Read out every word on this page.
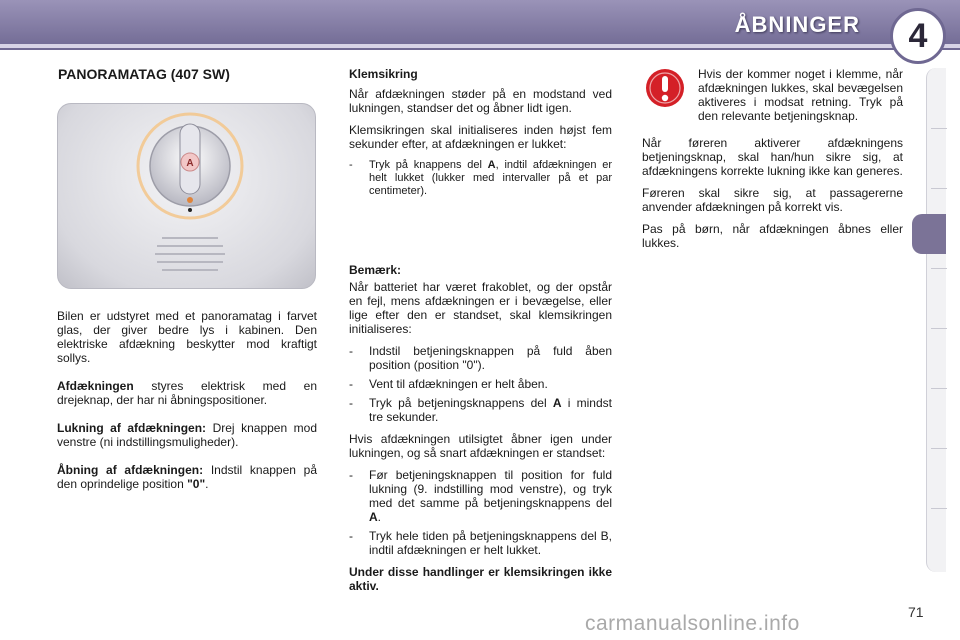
ÅBNINGER 4
PANORAMATAG (407 SW)
A

Bilen er udstyret med et panoramatag i farvet glas, der giver bedre lys i kabinen. Den elektriske afdækning beskytter mod kraftigt sollys.

Afdækningen styres elektrisk med en drejeknap, der har ni åbningspositioner.

Lukning af afdækningen: Drej knappen mod venstre (ni indstillingsmuligheder).

Åbning af afdækningen: Indstil knappen på den oprindelige position "0".

Klemsikring

Når afdækningen støder på en modstand ved lukningen, standser det og åbner lidt igen.

Klemsikringen skal initialiseres inden højst fem sekunder efter, at afdækningen er lukket:

-	Tryk på knappens del A, indtil afdækningen er helt lukket (lukker med intervaller på et par centimeter).

Bemærk:

Når batteriet har været frakoblet, og der opstår en fejl, mens afdækningen er i bevægelse, eller lige efter den er standset, skal klemsikringen initialiseres:

-	Indstil betjeningsknappen på fuld åben position (position "0").
-	Vent til afdækningen er helt åben.
-	Tryk på betjeningsknappens del A i mindst tre sekunder.

Hvis afdækningen utilsigtet åbner igen under lukningen, og så snart afdækningen er standset:

-	Før betjeningsknappen til position for fuld lukning (9. indstilling mod venstre), og tryk med det samme på betjeningsknappens del A.
-	Tryk hele tiden på betjeningsknappens del B, indtil afdækningen er helt lukket.

Under disse handlinger er klemsikringen ikke aktiv.

Hvis der kommer noget i klemme, når afdækningen lukkes, skal bevægelsen aktiveres i modsat retning. Tryk på den relevante betjeningsknap.

Når føreren aktiverer afdækningens betjeningsknap, skal han/hun sikre sig, at afdækningens korrekte lukning ikke kan generes.

Føreren skal sikre sig, at passagererne anvender afdækningen på korrekt vis.

Pas på børn, når afdækningen åbnes eller lukkes.

71
carmanualsonline.info
